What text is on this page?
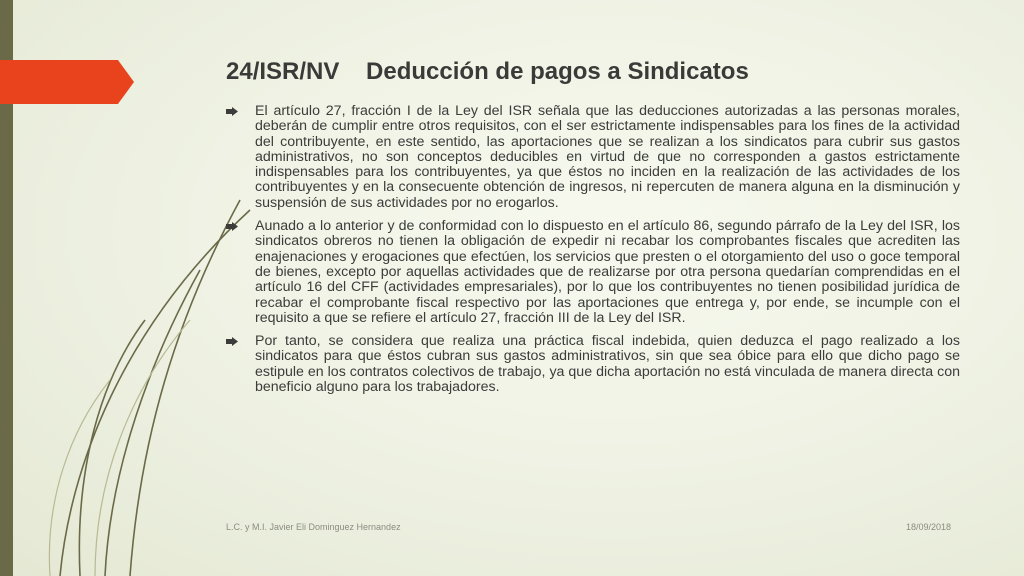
24/ISR/NV    Deducción de pagos a Sindicatos
El artículo 27, fracción I de la Ley del ISR señala que las deducciones autorizadas a las personas morales, deberán de cumplir entre otros requisitos, con el ser estrictamente indispensables para los fines de la actividad del contribuyente, en este sentido, las aportaciones que se realizan a los sindicatos para cubrir sus gastos administrativos, no son conceptos deducibles en virtud de que no corresponden a gastos estrictamente indispensables para los contribuyentes, ya que éstos no inciden en la realización de las actividades de los contribuyentes y en la consecuente obtención de ingresos, ni repercuten de manera alguna en la disminución y suspensión de sus actividades por no erogarlos.
Aunado a lo anterior y de conformidad con lo dispuesto en el artículo 86, segundo párrafo de la Ley del ISR, los sindicatos obreros no tienen la obligación de expedir ni recabar los comprobantes fiscales que acrediten las enajenaciones y erogaciones que efectúen, los servicios que presten o el otorgamiento del uso o goce temporal de bienes, excepto por aquellas actividades que de realizarse por otra persona quedarían comprendidas en el artículo 16 del CFF (actividades empresariales), por lo que los contribuyentes no tienen posibilidad jurídica de recabar el comprobante fiscal respectivo por las aportaciones que entrega y, por ende, se incumple con el requisito a que se refiere el artículo 27, fracción III de la Ley del ISR.
Por tanto, se considera que realiza una práctica fiscal indebida, quien deduzca el pago realizado a los sindicatos para que éstos cubran sus gastos administrativos, sin que sea óbice para ello que dicho pago se estipule en los contratos colectivos de trabajo, ya que dicha aportación no está vinculada de manera directa con beneficio alguno para los trabajadores.
L.C. y M.I. Javier Eli Dominguez Hernandez	18/09/2018
